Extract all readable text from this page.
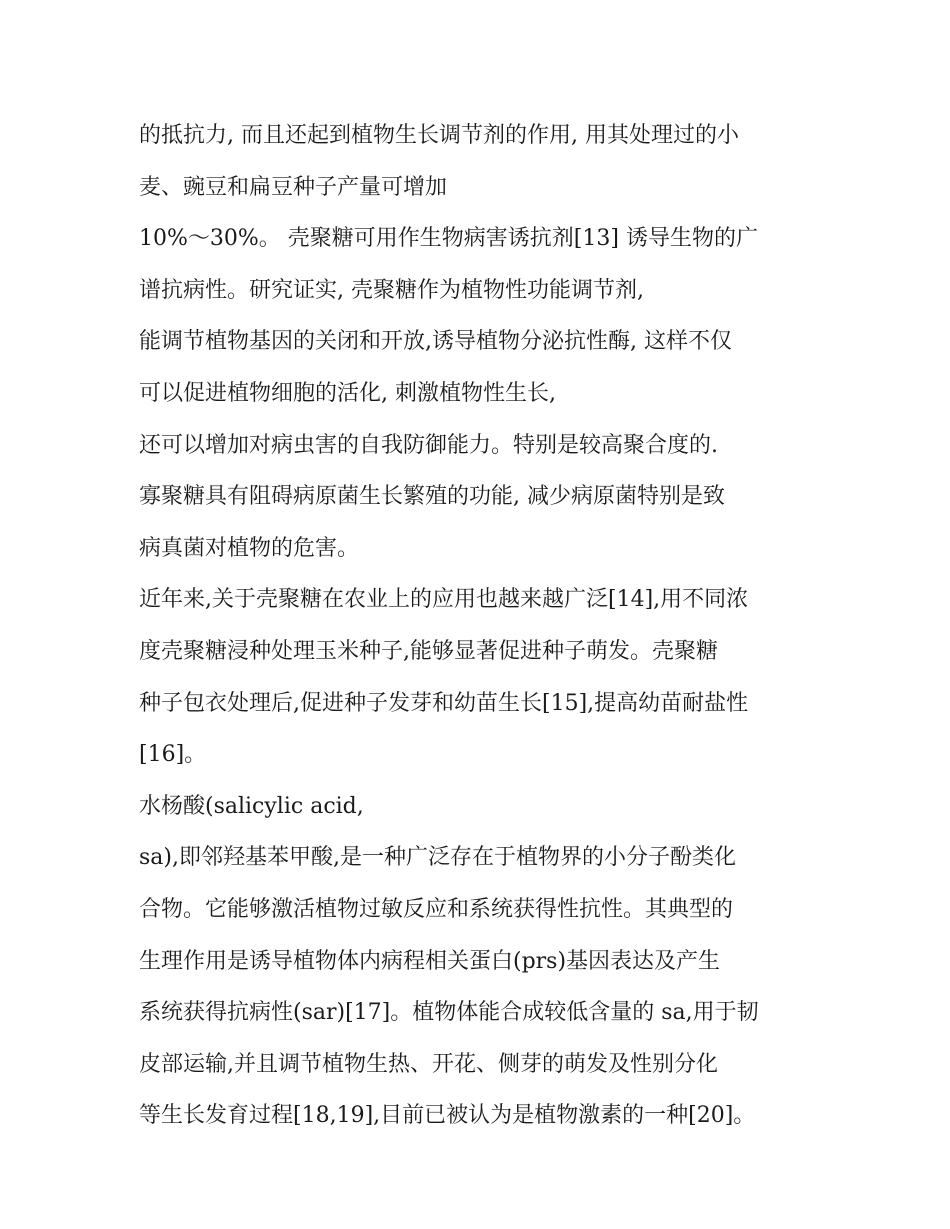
的抵抗力, 而且还起到植物生长调节剂的作用, 用其处理过的小
麦、豌豆和扁豆种子产量可增加
10%～30%。 壳聚糖可用作生物病害诱抗剂[13] 诱导生物的广
谱抗病性。研究证实, 壳聚糖作为植物性功能调节剂,
能调节植物基因的关闭和开放,诱导植物分泌抗性酶, 这样不仅
可以促进植物细胞的活化, 刺激植物性生长,
还可以增加对病虫害的自我防御能力。特别是较高聚合度的.
寡聚糖具有阻碍病原菌生长繁殖的功能, 减少病原菌特别是致
病真菌对植物的危害。
近年来,关于壳聚糖在农业上的应用也越来越广泛[14],用不同浓
度壳聚糖浸种处理玉米种子,能够显著促进种子萌发。壳聚糖
种子包衣处理后,促进种子发芽和幼苗生长[15],提高幼苗耐盐性
[16]。
水杨酸(salicylic acid,
sa),即邻羟基苯甲酸,是一种广泛存在于植物界的小分子酚类化
合物。它能够激活植物过敏反应和系统获得性抗性。其典型的
生理作用是诱导植物体内病程相关蛋白(prs)基因表达及产生
系统获得抗病性(sar)[17]。植物体能合成较低含量的 sa,用于韧
皮部运输,并且调节植物生热、开花、侧芽的萌发及性别分化
等生长发育过程[18,19],目前已被认为是植物激素的一种[20]。
